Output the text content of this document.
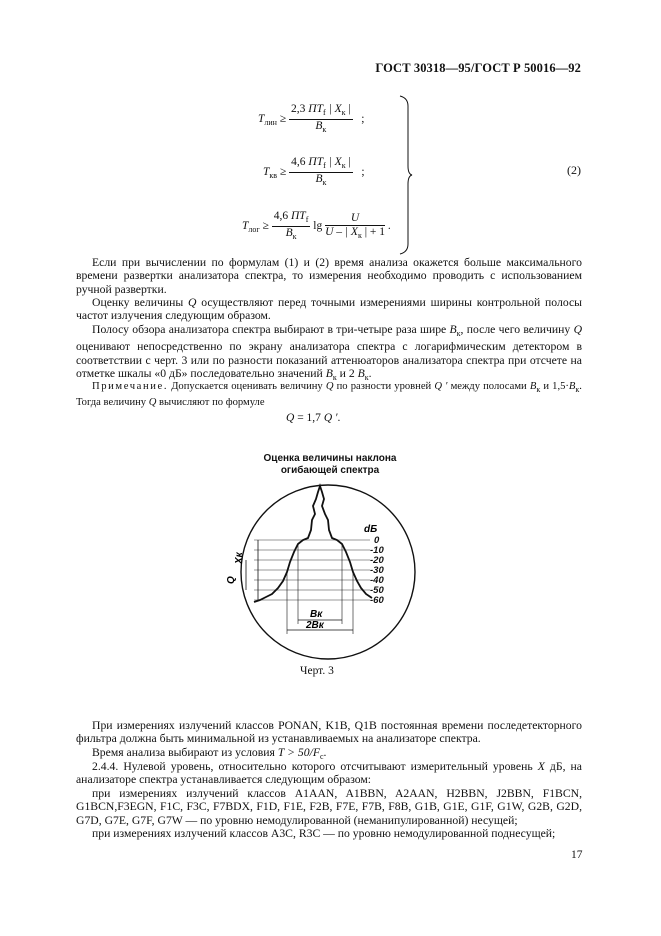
ГОСТ 30318—95/ГОСТ Р 50016—92
$T_{лин} \ge \frac{2,3 ПT_f | X_к |}{B_к}$ ;
$T_{кв} \ge \frac{4,6 ПT_f | X_к |}{B_к}$ ;
$T_{лог} \ge \frac{4,6 ПT_f}{B_к}$ $\lg \frac{U}{U - | X_к | + 1}$ .
(2)
Если при вычислении по формулам (1) и (2) время анализа окажется больше максимального времени развертки анализатора спектра, то измерения необходимо проводить с использованием ручной развертки.
Оценку величины Q осуществляют перед точными измерениями ширины контрольной полосы частот излучения следующим образом.
Полосу обзора анализатора спектра выбирают в три-четыре раза шире $B_к$, после чего величину Q оценивают непосредственно по экрану анализатора спектра с логарифмическим детектором в соответствии с черт. 3 или по разности показаний аттенюаторов анализатора спектра при отсчете на отметке шкалы «0 дБ» последовательно значений $B_к$ и 2 $B_к$.
Примечание. Допускается оценивать величину Q по разности уровней Q ′ между полосами $B_к$ и $1,5\cdot B_к$. Тогда величину Q вычисляют по формуле
Q = 1,7 Q ′.
Оценка величины наклона
огибающей спектра
Xк
Q
dБ
0
-10
-20
-30
-40
-50
-60
Bк
2Bк
Черт. 3
При измерениях излучений классов PONAN, K1B, Q1B постоянная времени последетекторного фильтра должна быть минимальной из устанавливаемых на анализаторе спектра.
Время анализа выбирают из условия $T > 50/F_c$.
2.4.4. Нулевой уровень, относительно которого отсчитывают измерительный уровень X дБ, на анализаторе спектра устанавливается следующим образом:
при измерениях излучений классов A1AAN, A1BBN, A2AAN, H2BBN, J2BBN, F1BCN, G1BCN,F3EGN, F1C, F3C, F7BDX, F1D, F1E, F2B, F7E, F7B, F8B, G1B, G1E, G1F, G1W, G2B, G2D, G7D, G7E, G7F, G7W — по уровню немодулированной (неманипулированной) несущей;
при измерениях излучений классов A3C, R3C — по уровню немодулированной поднесущей;
17
